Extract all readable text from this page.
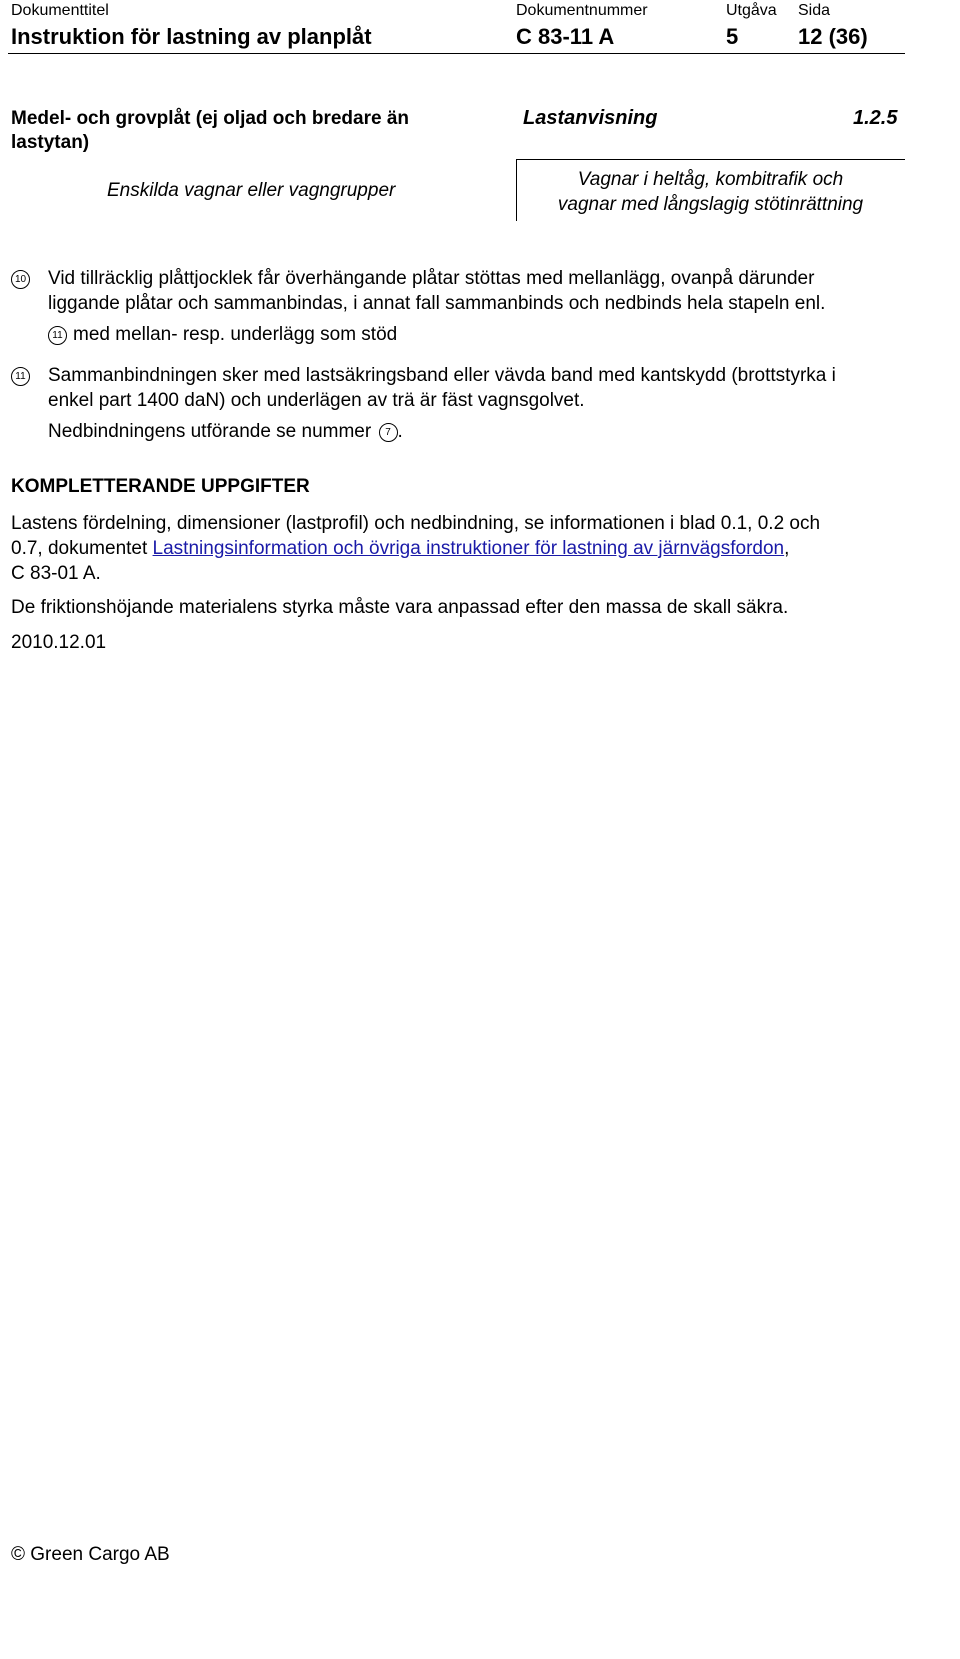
Dokumenttitel
Instruktion för lastning av planplåt
Dokumentnummer
C 83-11 A
Utgåva
5
Sida
12 (36)
Medel- och grovplåt (ej oljad och bredare än
lastytan)
Lastanvisning	1.2.5
Enskilda vagnar eller vagngrupper
Vagnar i heltåg, kombitrafik och
vagnar med långslagig stötinrättning
10 Vid tillräcklig plåttjocklek får överhängande plåtar stöttas med mellanlägg, ovanpå därunder
liggande plåtar och sammanbindas, i annat fall sammanbinds och nedbinds hela stapeln enl.
11 med mellan- resp. underlägg som stöd
11 Sammanbindningen sker med lastsäkringsband eller vävda band med kantskydd (brottstyrka i
enkel part 1400 daN) och underlägen av trä är fäst vagnsgolvet.
Nedbindningens utförande se nummer 7 .
KOMPLETTERANDE UPPGIFTER
Lastens fördelning, dimensioner (lastprofil) och nedbindning, se informationen i blad 0.1, 0.2 och
0.7, dokumentet Lastningsinformation och övriga instruktioner för lastning av järnvägsfordon,
C 83-01 A.
De friktionshöjande materialens styrka måste vara anpassad efter den massa de skall säkra.
2010.12.01
© Green Cargo AB
